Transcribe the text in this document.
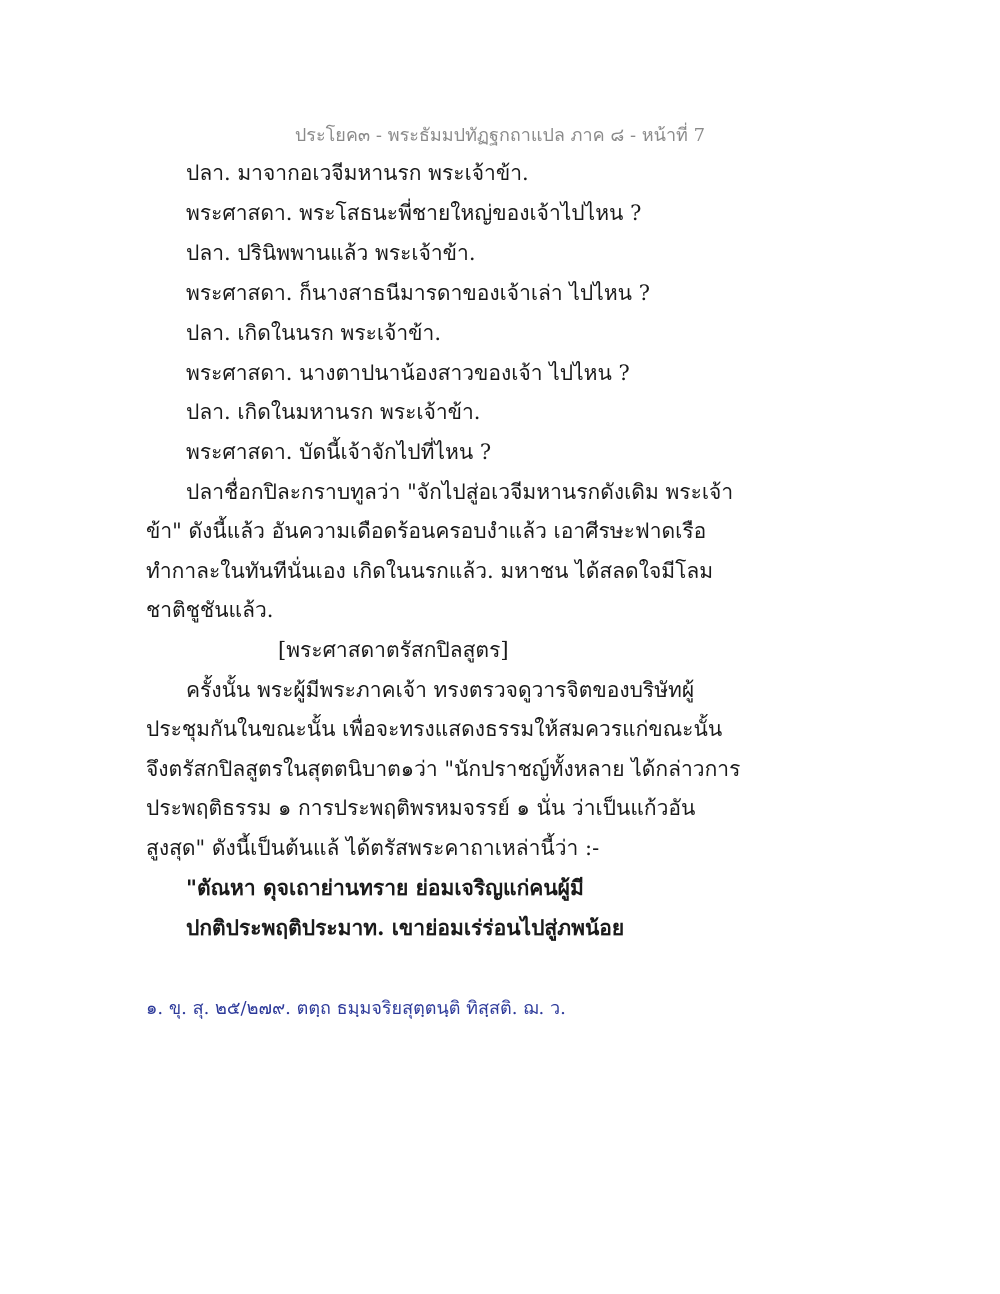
ประโยค๓ - พระธัมมปทัฏฐกถาแปล ภาค ๘ - หน้าที่ 7
ปลา. มาจากอเวจีมหานรก พระเจ้าข้า.
พระศาสดา. พระโสธนะพี่ชายใหญ่ของเจ้าไปไหน ?
ปลา. ปรินิพพานแล้ว พระเจ้าข้า.
พระศาสดา. ก็นางสาธนีมารดาของเจ้าเล่า ไปไหน ?
ปลา. เกิดในนรก พระเจ้าข้า.
พระศาสดา. นางตาปนาน้องสาวของเจ้า ไปไหน ?
ปลา. เกิดในมหานรก พระเจ้าข้า.
พระศาสดา. บัดนี้เจ้าจักไปที่ไหน ?
ปลาชื่อกปิละกราบทูลว่า "จักไปสู่อเวจีมหานรกดังเดิม พระเจ้า
ข้า" ดังนี้แล้ว อันความเดือดร้อนครอบงำแล้ว เอาศีรษะฟาดเรือ
ทำกาละในทันทีนั่นเอง เกิดในนรกแล้ว. มหาชน ได้สลดใจมีโลม
ชาติชูชันแล้ว.
[พระศาสดาตรัสกปิลสูตร]
ครั้งนั้น พระผู้มีพระภาคเจ้า ทรงตรวจดูวารจิตของบริษัทผู้
ประชุมกันในขณะนั้น เพื่อจะทรงแสดงธรรมให้สมควรแก่ขณะนั้น
จึงตรัสกปิลสูตรในสุตตนิบาต๑ว่า "นักปราชญ์ทั้งหลาย ได้กล่าวการ
ประพฤติธรรม ๑ การประพฤติพรหมจรรย์ ๑ นั่น ว่าเป็นแก้วอัน
สูงสุด" ดังนี้เป็นต้นแล้ ได้ตรัสพระคาถาเหล่านี้ว่า :-
"ตัณหา ดุจเถาย่านทราย ย่อมเจริญแก่คนผู้มี
ปกติประพฤติประมาท. เขาย่อมเร่ร่อนไปสู่ภพน้อย
๑. ขุ. สุ. ๒๕/๒๗๙. ตตฺถ ธมฺมจริยสุตฺตนฺติ ทิสฺสติ. ฌ. ว.
